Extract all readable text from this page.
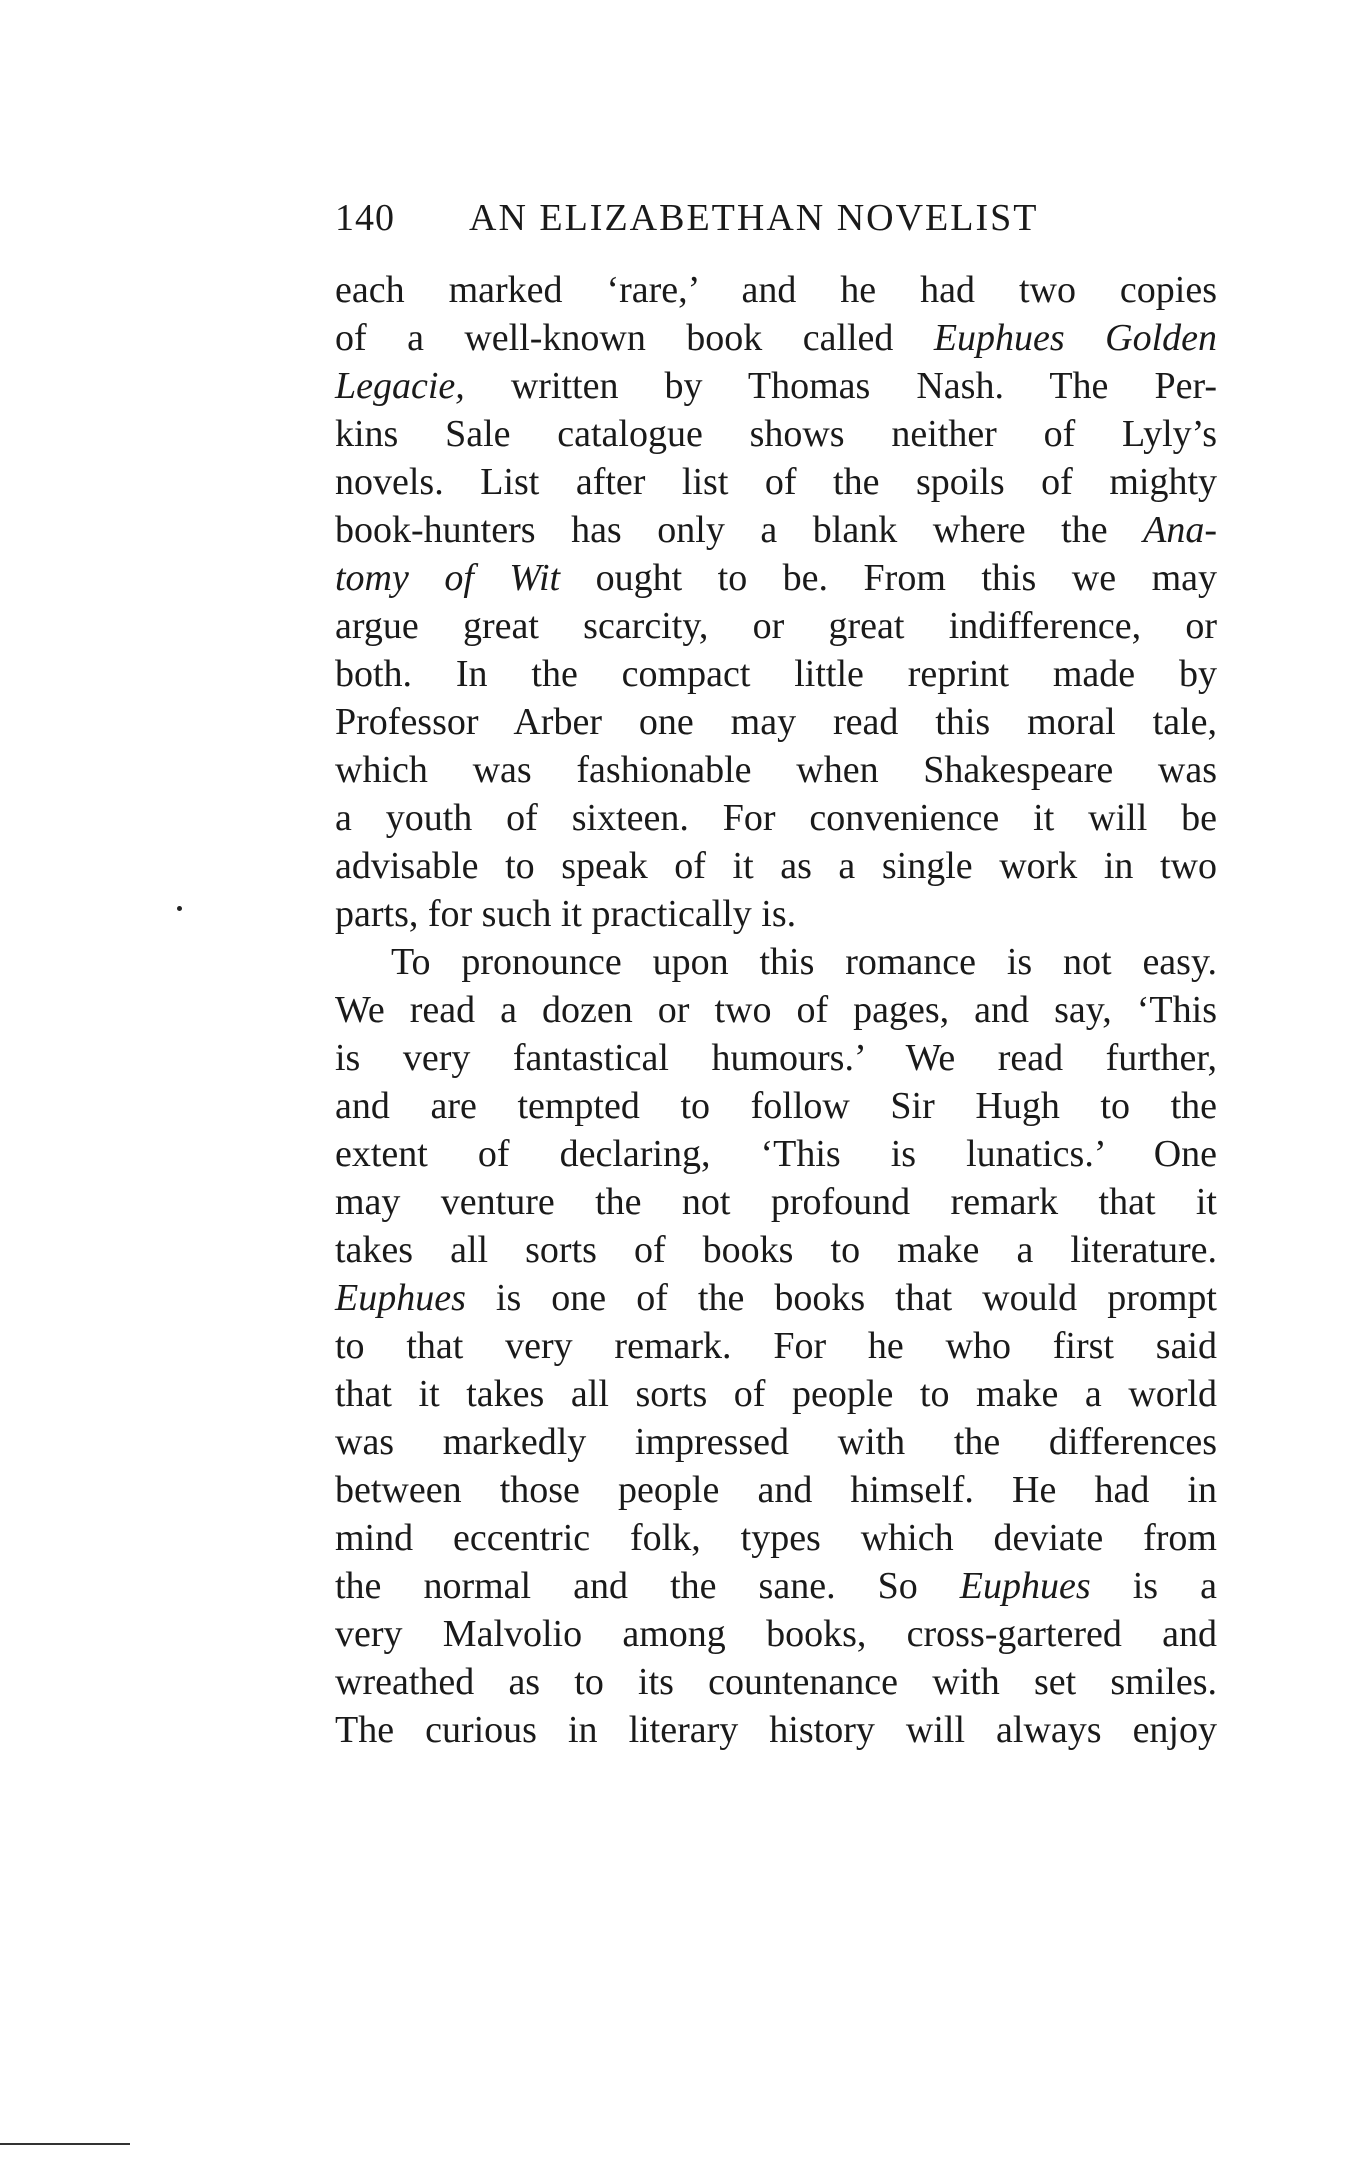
140 AN ELIZABETHAN NOVELIST
each marked ‘rare,’ and he had two copies
of a well-known book called Euphues Golden
Legacie, written by Thomas Nash. The Per-
kins Sale catalogue shows neither of Lyly’s
novels. List after list of the spoils of mighty
book-hunters has only a blank where the Ana-
tomy of Wit ought to be. From this we may
argue great scarcity, or great indifference, or
both. In the compact little reprint made by
Professor Arber one may read this moral tale,
which was fashionable when Shakespeare was
a youth of sixteen. For convenience it will be
advisable to speak of it as a single work in two
parts, for such it practically is.
To pronounce upon this romance is not easy.
We read a dozen or two of pages, and say, ‘This
is very fantastical humours.’ We read further,
and are tempted to follow Sir Hugh to the
extent of declaring, ‘This is lunatics.’ One
may venture the not profound remark that it
takes all sorts of books to make a literature.
Euphues is one of the books that would prompt
to that very remark. For he who first said
that it takes all sorts of people to make a world
was markedly impressed with the differences
between those people and himself. He had in
mind eccentric folk, types which deviate from
the normal and the sane. So Euphues is a
very Malvolio among books, cross-gartered and
wreathed as to its countenance with set smiles.
The curious in literary history will always enjoy
